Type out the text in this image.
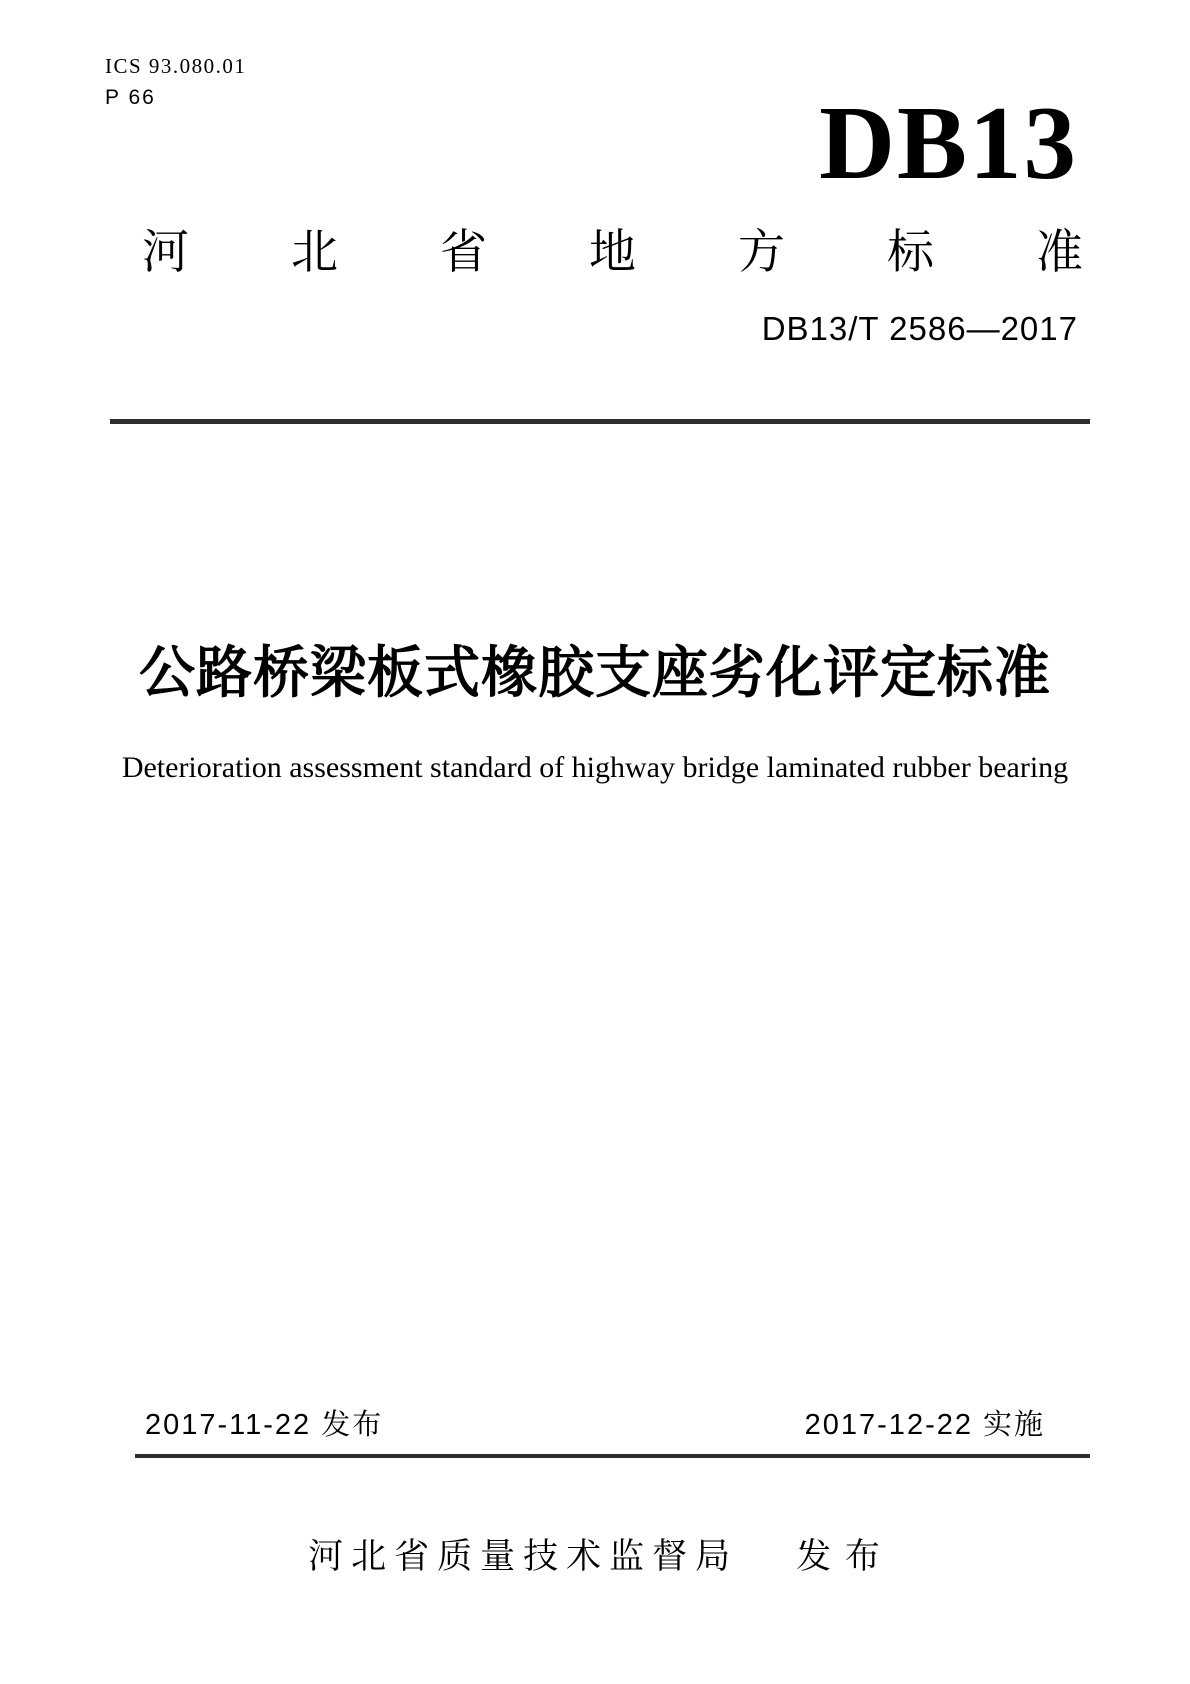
ICS 93.080.01
P 66	DB13
河 北 省 地 方 标 准
DB13/T 2586—2017
公路桥梁板式橡胶支座劣化评定标准
Deterioration assessment standard of highway bridge laminated rubber bearing
2017-11-22 发布	2017-12-22 实施
河北省质量技术监督局 发 布
